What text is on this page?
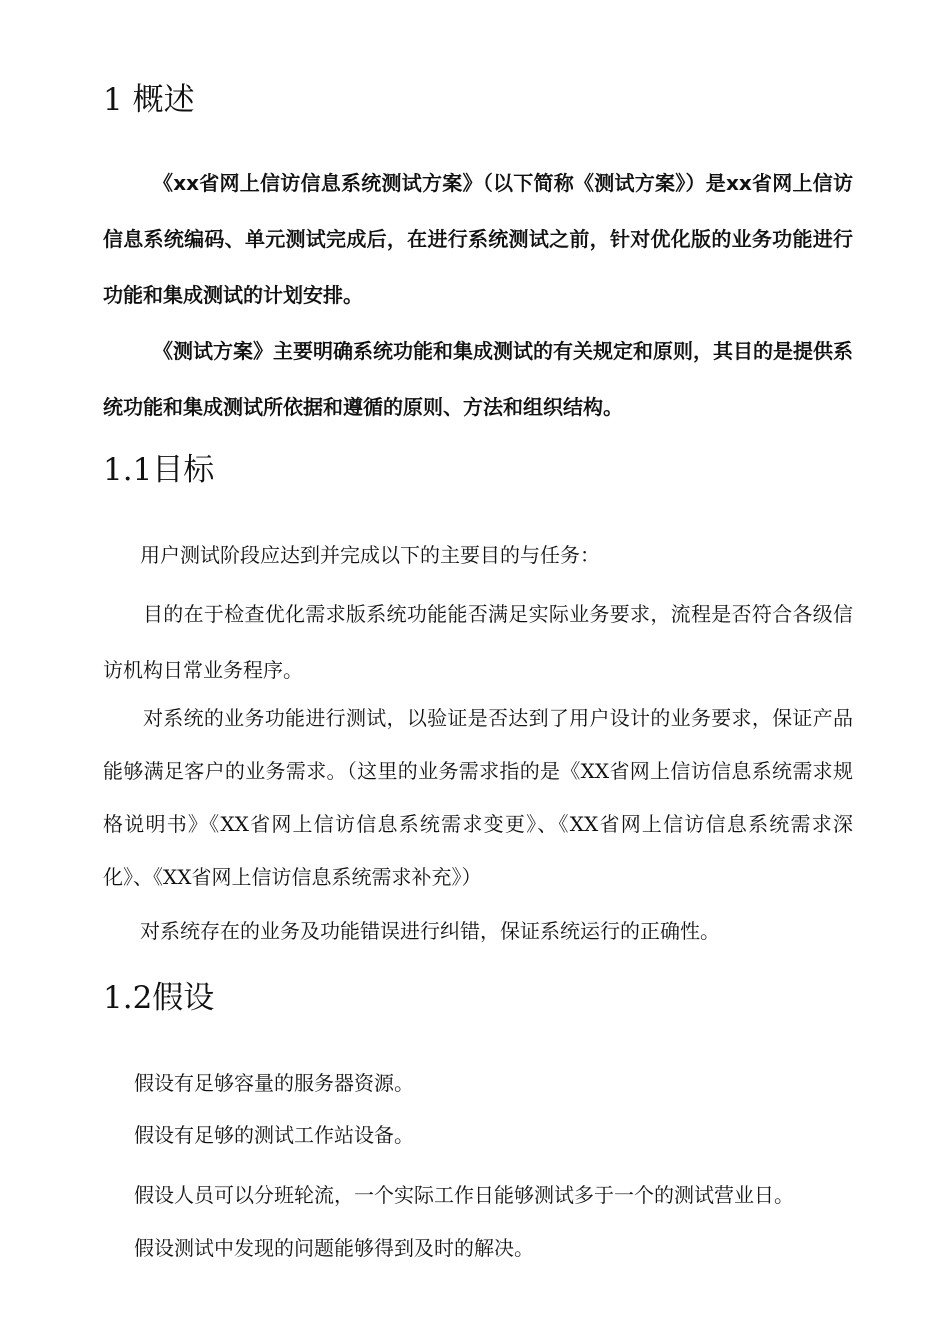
1 概述

《xx省网上信访信息系统测试方案》（以下简称《测试方案》）是xx省网上信访信息系统编码、单元测试完成后，在进行系统测试之前，针对优化版的业务功能进行功能和集成测试的计划安排。

《测试方案》主要明确系统功能和集成测试的有关规定和原则，其目的是提供系统功能和集成测试所依据和遵循的原则、方法和组织结构。

1.1目标

用户测试阶段应达到并完成以下的主要目的与任务：

目的在于检查优化需求版系统功能能否满足实际业务要求，流程是否符合各级信访机构日常业务程序。

对系统的业务功能进行测试，以验证是否达到了用户设计的业务要求，保证产品能够满足客户的业务需求。（这里的业务需求指的是《XX省网上信访信息系统需求规格说明书》《XX省网上信访信息系统需求变更》、《XX省网上信访信息系统需求深化》、《XX省网上信访信息系统需求补充》）

对系统存在的业务及功能错误进行纠错，保证系统运行的正确性。

1.2假设

假设有足够容量的服务器资源。

假设有足够的测试工作站设备。

假设人员可以分班轮流，一个实际工作日能够测试多于一个的测试营业日。

假设测试中发现的问题能够得到及时的解决。
